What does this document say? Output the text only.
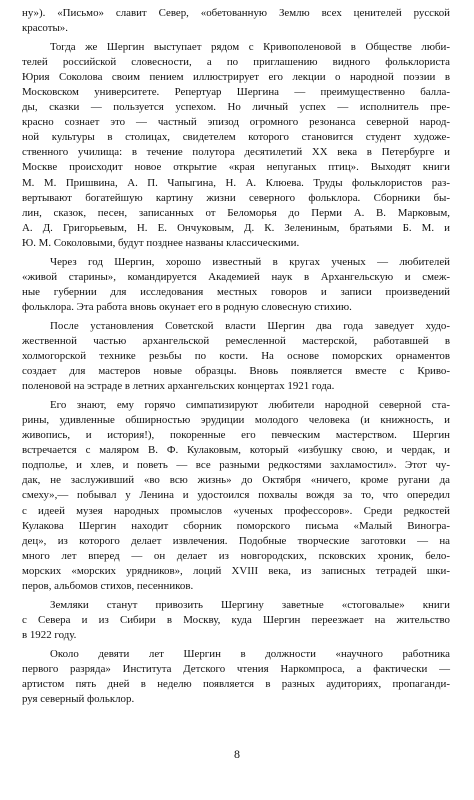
ну»). «Письмо» славит Север, «обетованную Землю всех ценителей русской
красоты».
Тогда же Шергин выступает рядом с Кривополеновой в Обществе люби-
телей российской словесности, а по приглашению видного фольклориста
Юрия Соколова своим пением иллюстрирует его лекции о народной поэзии в
Московском университете. Репертуар Шергина — преимущественно балла-
ды, сказки — пользуется успехом. Но личный успех — исполнитель пре-
красно сознает это — частный эпизод огромного резонанса северной народ-
ной культуры в столицах, свидетелем которого становится студент художе-
ственного училища: в течение полутора десятилетий XX века в Петербурге и
Москве происходит новое открытие «края непуганых птиц». Выходят книги
М. М. Пришвина, А. П. Чапыгина, Н. А. Клюева. Труды фольклористов раз-
вертывают богатейшую картину жизни северного фольклора. Сборники бы-
лин, сказок, песен, записанных от Беломорья до Перми А. В. Марковым,
А. Д. Григорьевым, Н. Е. Ончуковым, Д. К. Зелениным, братьями Б. М. и
Ю. М. Соколовыми, будут позднее названы классическими.
Через год Шергин, хорошо известный в кругах ученых — любителей
«живой старины», командируется Академией наук в Архангельскую и смеж-
ные губернии для исследования местных говоров и записи произведений
фольклора. Эта работа вновь окунает его в родную словесную стихию.
После установления Советской власти Шергин два года заведует худо-
жественной частью архангельской ремесленной мастерской, работавшей в
холмогорской технике резьбы по кости. На основе поморских орнаментов
создает для мастеров новые образцы. Вновь появляется вместе с Криво-
поленовой на эстраде в летних архангельских концертах 1921 года.
Его знают, ему горячо симпатизируют любители народной северной ста-
рины, удивленные обширностью эрудиции молодого человека (и книжность, и
живопись, и история!), покоренные его певческим мастерством. Шергин
встречается с маляром В. Ф. Кулаковым, который «избушку свою, и чердак, и
подполье, и хлев, и поветь — все разными редкостями захламостил». Этот чу-
дак, не заслуживший «во всю жизнь» до Октября «ничего, кроме ругани да
смеху»,— побывал у Ленина и удостоился похвалы вождя за то, что опередил
с идеей музея народных промыслов «ученых профессоров». Среди редкостей
Кулакова Шергин находит сборник поморского письма «Малый Виногра-
дец», из которого делает извлечения. Подобные творческие заготовки — на
много лет вперед — он делает из новгородских, псковских хроник, бело-
морских «морских урядников», лоций XVIII века, из записных тетрадей шки-
перов, альбомов стихов, песенников.
Земляки станут привозить Шергину заветные «стоговалые» книги
с Севера и из Сибири в Москву, куда Шергин переезжает на жительство
в 1922 году.
Около девяти лет Шергин в должности «научного работника
первого разряда» Института Детского чтения Наркомпроса, а фактически —
артистом пять дней в неделю появляется в разных аудиториях, пропаганди-
руя северный фольклор.
8
